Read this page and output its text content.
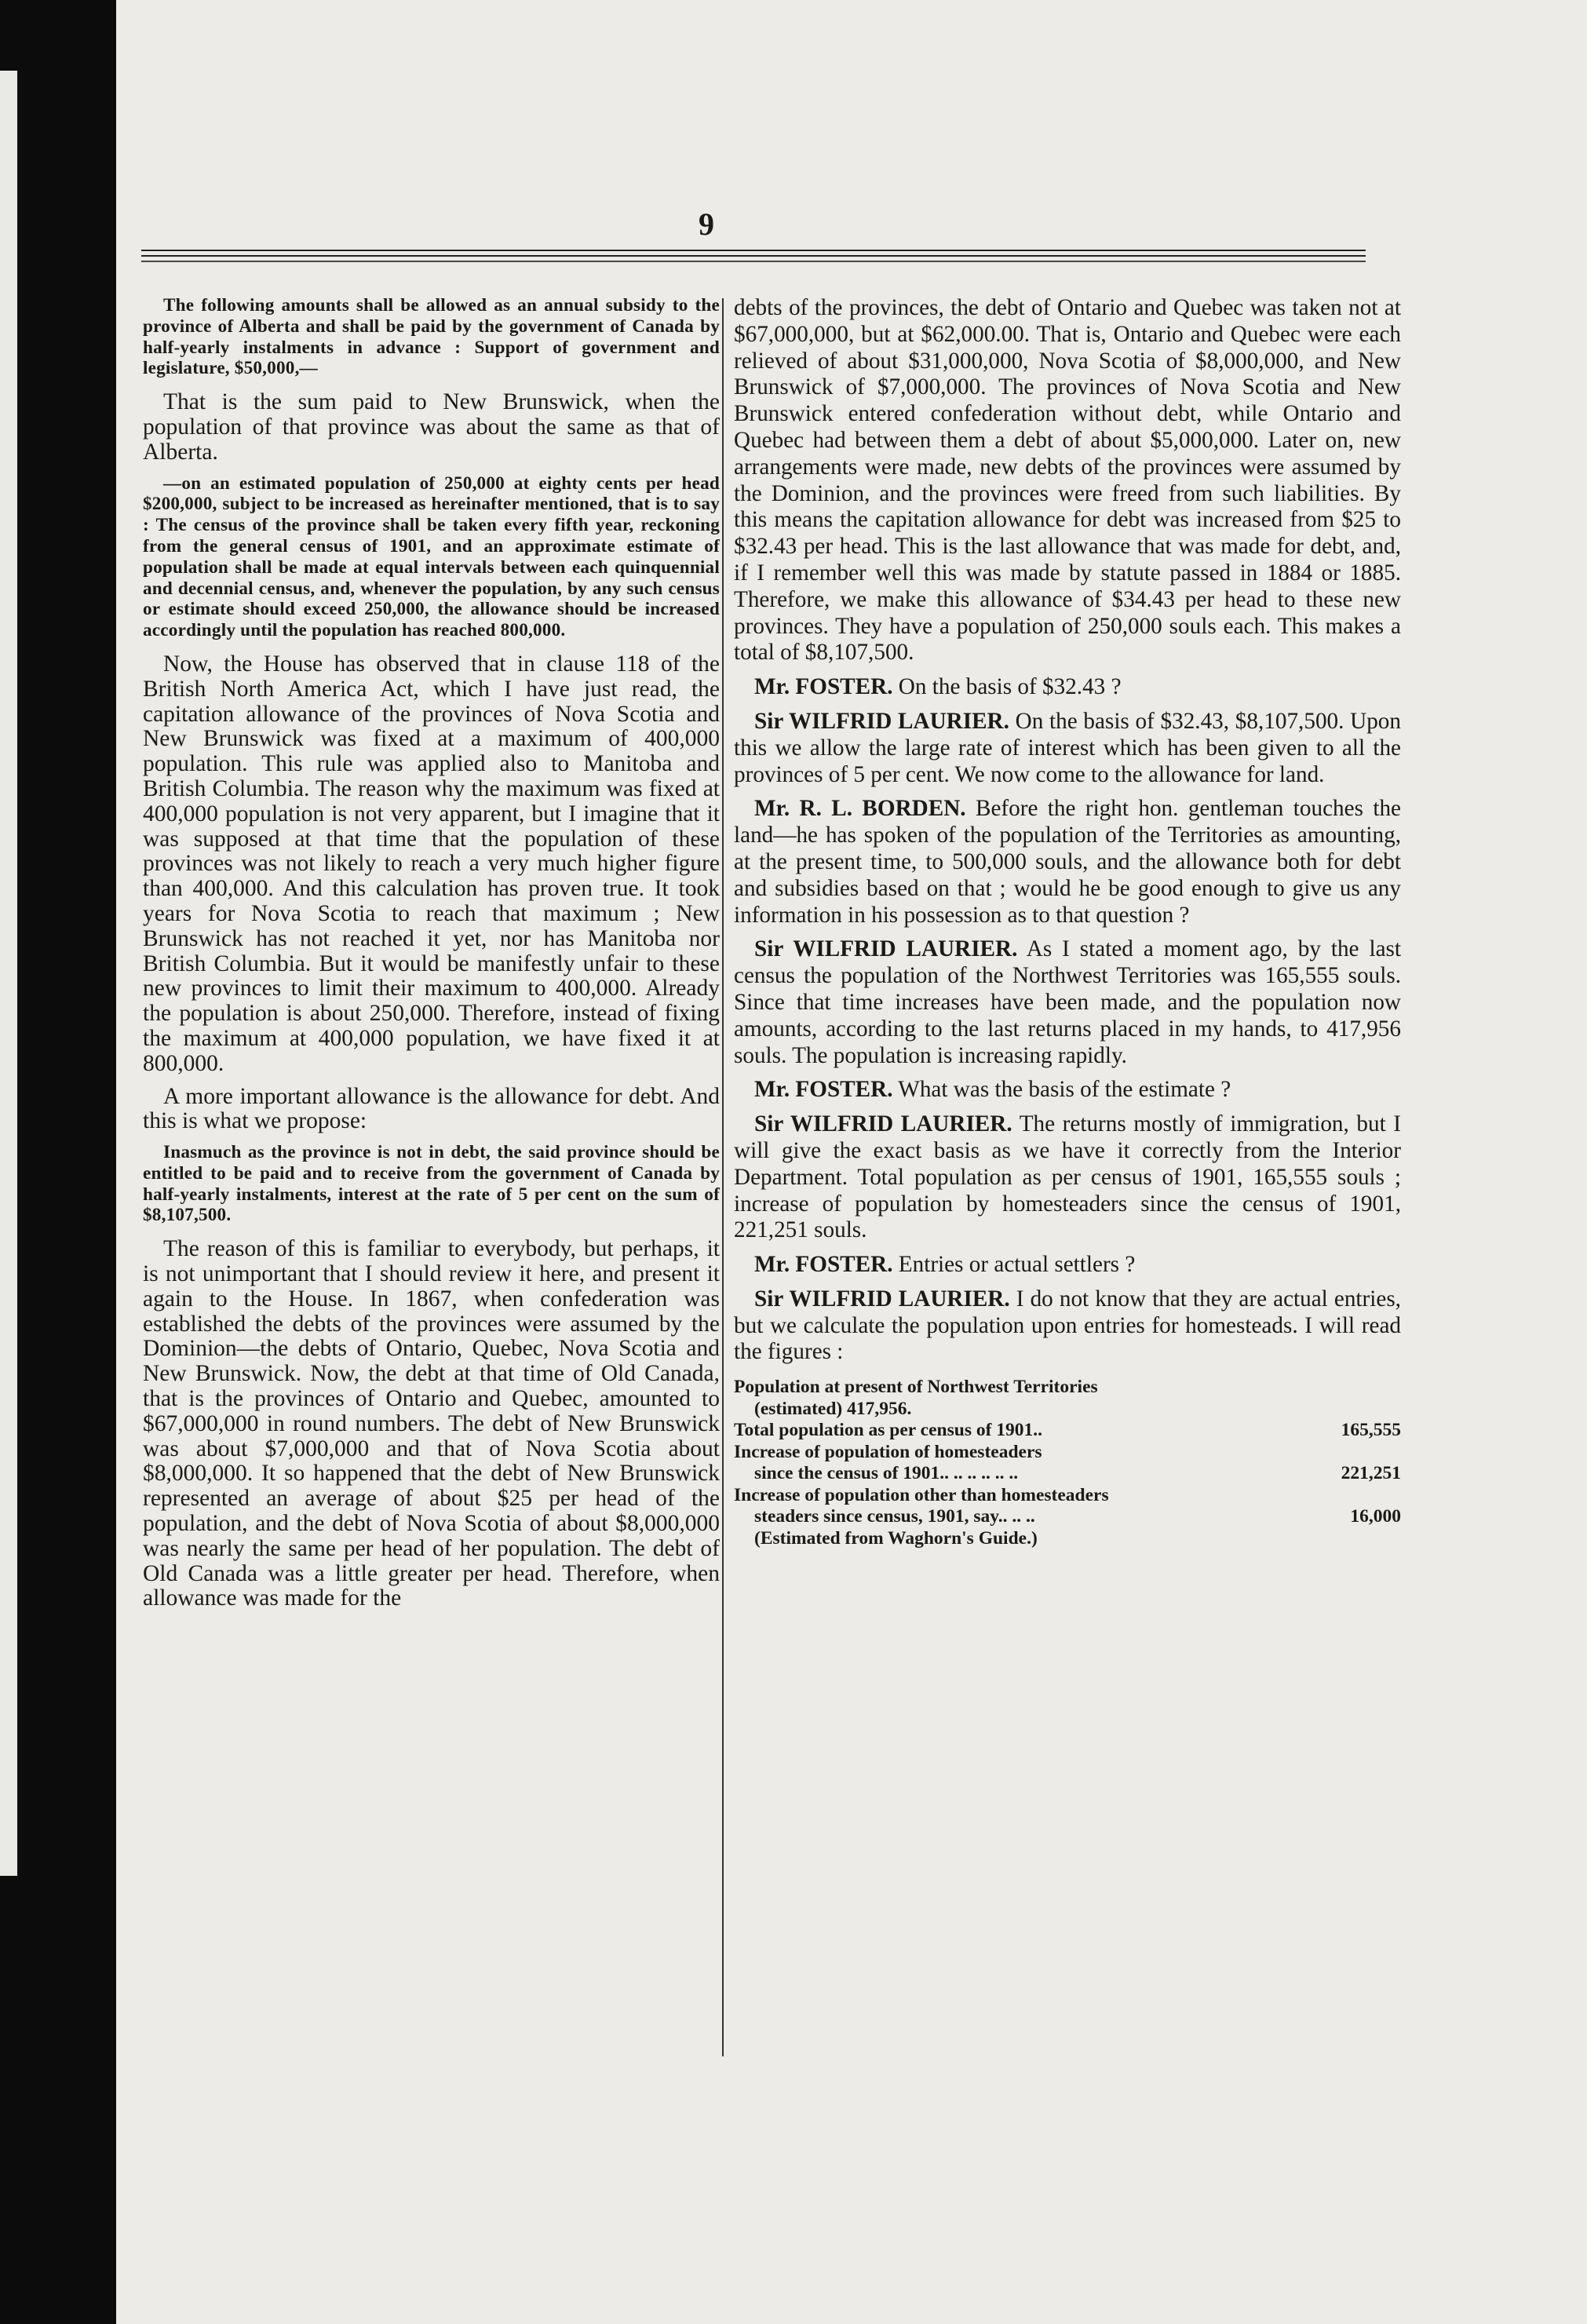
9
The following amounts shall be allowed as an annual subsidy to the province of Alberta and shall be paid by the government of Canada by half-yearly instalments in advance : Support of government and legislature, $50,000,—

That is the sum paid to New Brunswick, when the population of that province was about the same as that of Alberta.

—on an estimated population of 250,000 at eighty cents per head $200,000, subject to be increased as hereinafter mentioned, that is to say : The census of the province shall be taken every fifth year, reckoning from the general census of 1901, and an approximate estimate of population shall be made at equal intervals between each quinquennial and decennial census, and, whenever the population, by any such census or estimate should exceed 250,000, the allowance should be increased accordingly until the population has reached 800,000.

Now, the House has observed that in clause 118 of the British North America Act, which I have just read, the capitation allowance of the provinces of Nova Scotia and New Brunswick was fixed at a maximum of 400,000 population. This rule was applied also to Manitoba and British Columbia. The reason why the maximum was fixed at 400,000 population is not very apparent, but I imagine that it was supposed at that time that the population of these provinces was not likely to reach a very much higher figure than 400,000. And this calculation has proven true. It took years for Nova Scotia to reach that maximum ; New Brunswick has not reached it yet, nor has Manitoba nor British Columbia. But it would be manifestly unfair to these new provinces to limit their maximum to 400,000. Already the population is about 250,000. Therefore, instead of fixing the maximum at 400,000 population, we have fixed it at 800,000.

A more important allowance is the allowance for debt. And this is what we propose:

Inasmuch as the province is not in debt, the said province should be entitled to be paid and to receive from the government of Canada by half-yearly instalments, interest at the rate of 5 per cent on the sum of $8,107,500.

The reason of this is familiar to everybody, but perhaps, it is not unimportant that I should review it here, and present it again to the House. In 1867, when confederation was established the debts of the provinces were assumed by the Dominion—the debts of Ontario, Quebec, Nova Scotia and New Brunswick. Now, the debt at that time of Old Canada, that is the provinces of Ontario and Quebec, amounted to $67,000,000 in round numbers. The debt of New Brunswick was about $7,000,000 and that of Nova Scotia about $8,000,000. It so happened that the debt of New Brunswick represented an average of about $25 per head of the population, and the debt of Nova Scotia of about $8,000,000 was nearly the same per head of her population. The debt of Old Canada was a little greater per head. Therefore, when allowance was made for the

debts of the provinces, the debt of Ontario and Quebec was taken not at $67,000,000, but at $62,000.00. That is, Ontario and Quebec were each relieved of about $31,000,000, Nova Scotia of $8,000,000, and New Brunswick of $7,000,000. The provinces of Nova Scotia and New Brunswick entered confederation without debt, while Ontario and Quebec had between them a debt of about $5,000,000. Later on, new arrangements were made, new debts of the provinces were assumed by the Dominion, and the provinces were freed from such liabilities. By this means the capitation allowance for debt was increased from $25 to $32.43 per head. This is the last allowance that was made for debt, and, if I remember well this was made by statute passed in 1884 or 1885. Therefore, we make this allowance of $34.43 per head to these new provinces. They have a population of 250,000 souls each. This makes a total of $8,107,500.

Mr. FOSTER. On the basis of $32.43 ?

Sir WILFRID LAURIER. On the basis of $32.43, $8,107,500. Upon this we allow the large rate of interest which has been given to all the provinces of 5 per cent. We now come to the allowance for land.

Mr. R. L. BORDEN. Before the right hon. gentleman touches the land—he has spoken of the population of the Territories as amounting, at the present time, to 500,000 souls, and the allowance both for debt and subsidies based on that ; would he be good enough to give us any information in his possession as to that question ?

Sir WILFRID LAURIER. As I stated a moment ago, by the last census the population of the Northwest Territories was 165,555 souls. Since that time increases have been made, and the population now amounts, according to the last returns placed in my hands, to 417,956 souls. The population is increasing rapidly.

Mr. FOSTER. What was the basis of the estimate ?

Sir WILFRID LAURIER. The returns mostly of immigration, but I will give the exact basis as we have it correctly from the Interior Department. Total population as per census of 1901, 165,555 souls ; increase of population by homesteaders since the census of 1901, 221,251 souls.

Mr. FOSTER. Entries or actual settlers ?

Sir WILFRID LAURIER. I do not know that they are actual entries, but we calculate the population upon entries for homesteads. I will read the figures :

Population at present of Northwest Territories
(estimated) 417,956.
Total population as per census of 1901..	165,555
Increase of population of homesteaders
since the census of 1901.. .. .. .. .. ..	221,251
Increase of population other than homesteaders
steaders since census, 1901, say.. .. ..	16,000
(Estimated from Waghorn's Guide.)
